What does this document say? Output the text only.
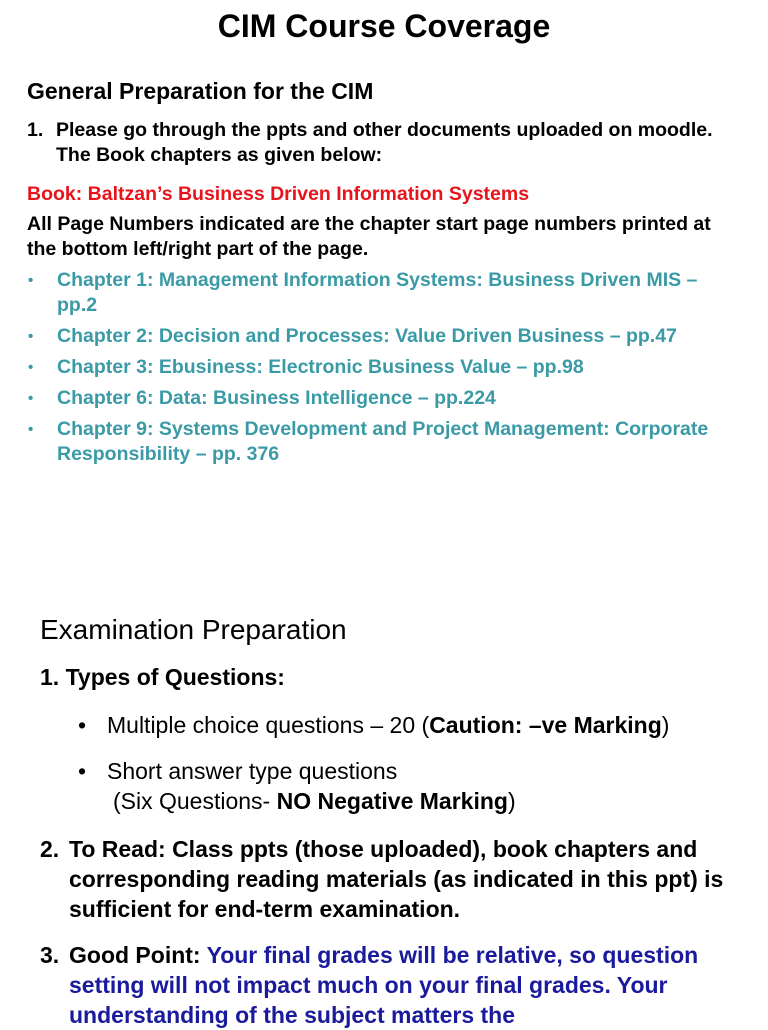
CIM Course Coverage
General Preparation for the CIM
1. Please go through the ppts and other documents uploaded on moodle. The Book chapters as given below:
Book: Baltzan’s Business Driven Information Systems
All Page Numbers indicated are the chapter start page numbers printed at the bottom left/right part of the page.
•	Chapter 1: Management Information Systems: Business Driven MIS – pp.2
•	Chapter 2: Decision and Processes: Value Driven Business – pp.47
•	Chapter 3: Ebusiness: Electronic Business Value – pp.98
•	Chapter 6: Data: Business Intelligence – pp.224
•	Chapter 9: Systems Development and Project Management: Corporate Responsibility – pp. 376
Examination Preparation
1. Types of Questions:
• Multiple choice questions – 20 (Caution: –ve Marking)
• Short answer type questions
(Six Questions- NO Negative Marking)
2. To Read: Class ppts (those uploaded), book chapters and corresponding reading materials (as indicated in this ppt) is sufficient for end-term examination.
3. Good Point: Your final grades will be relative, so question setting will not impact much on your final grades. Your understanding of the subject matters the
